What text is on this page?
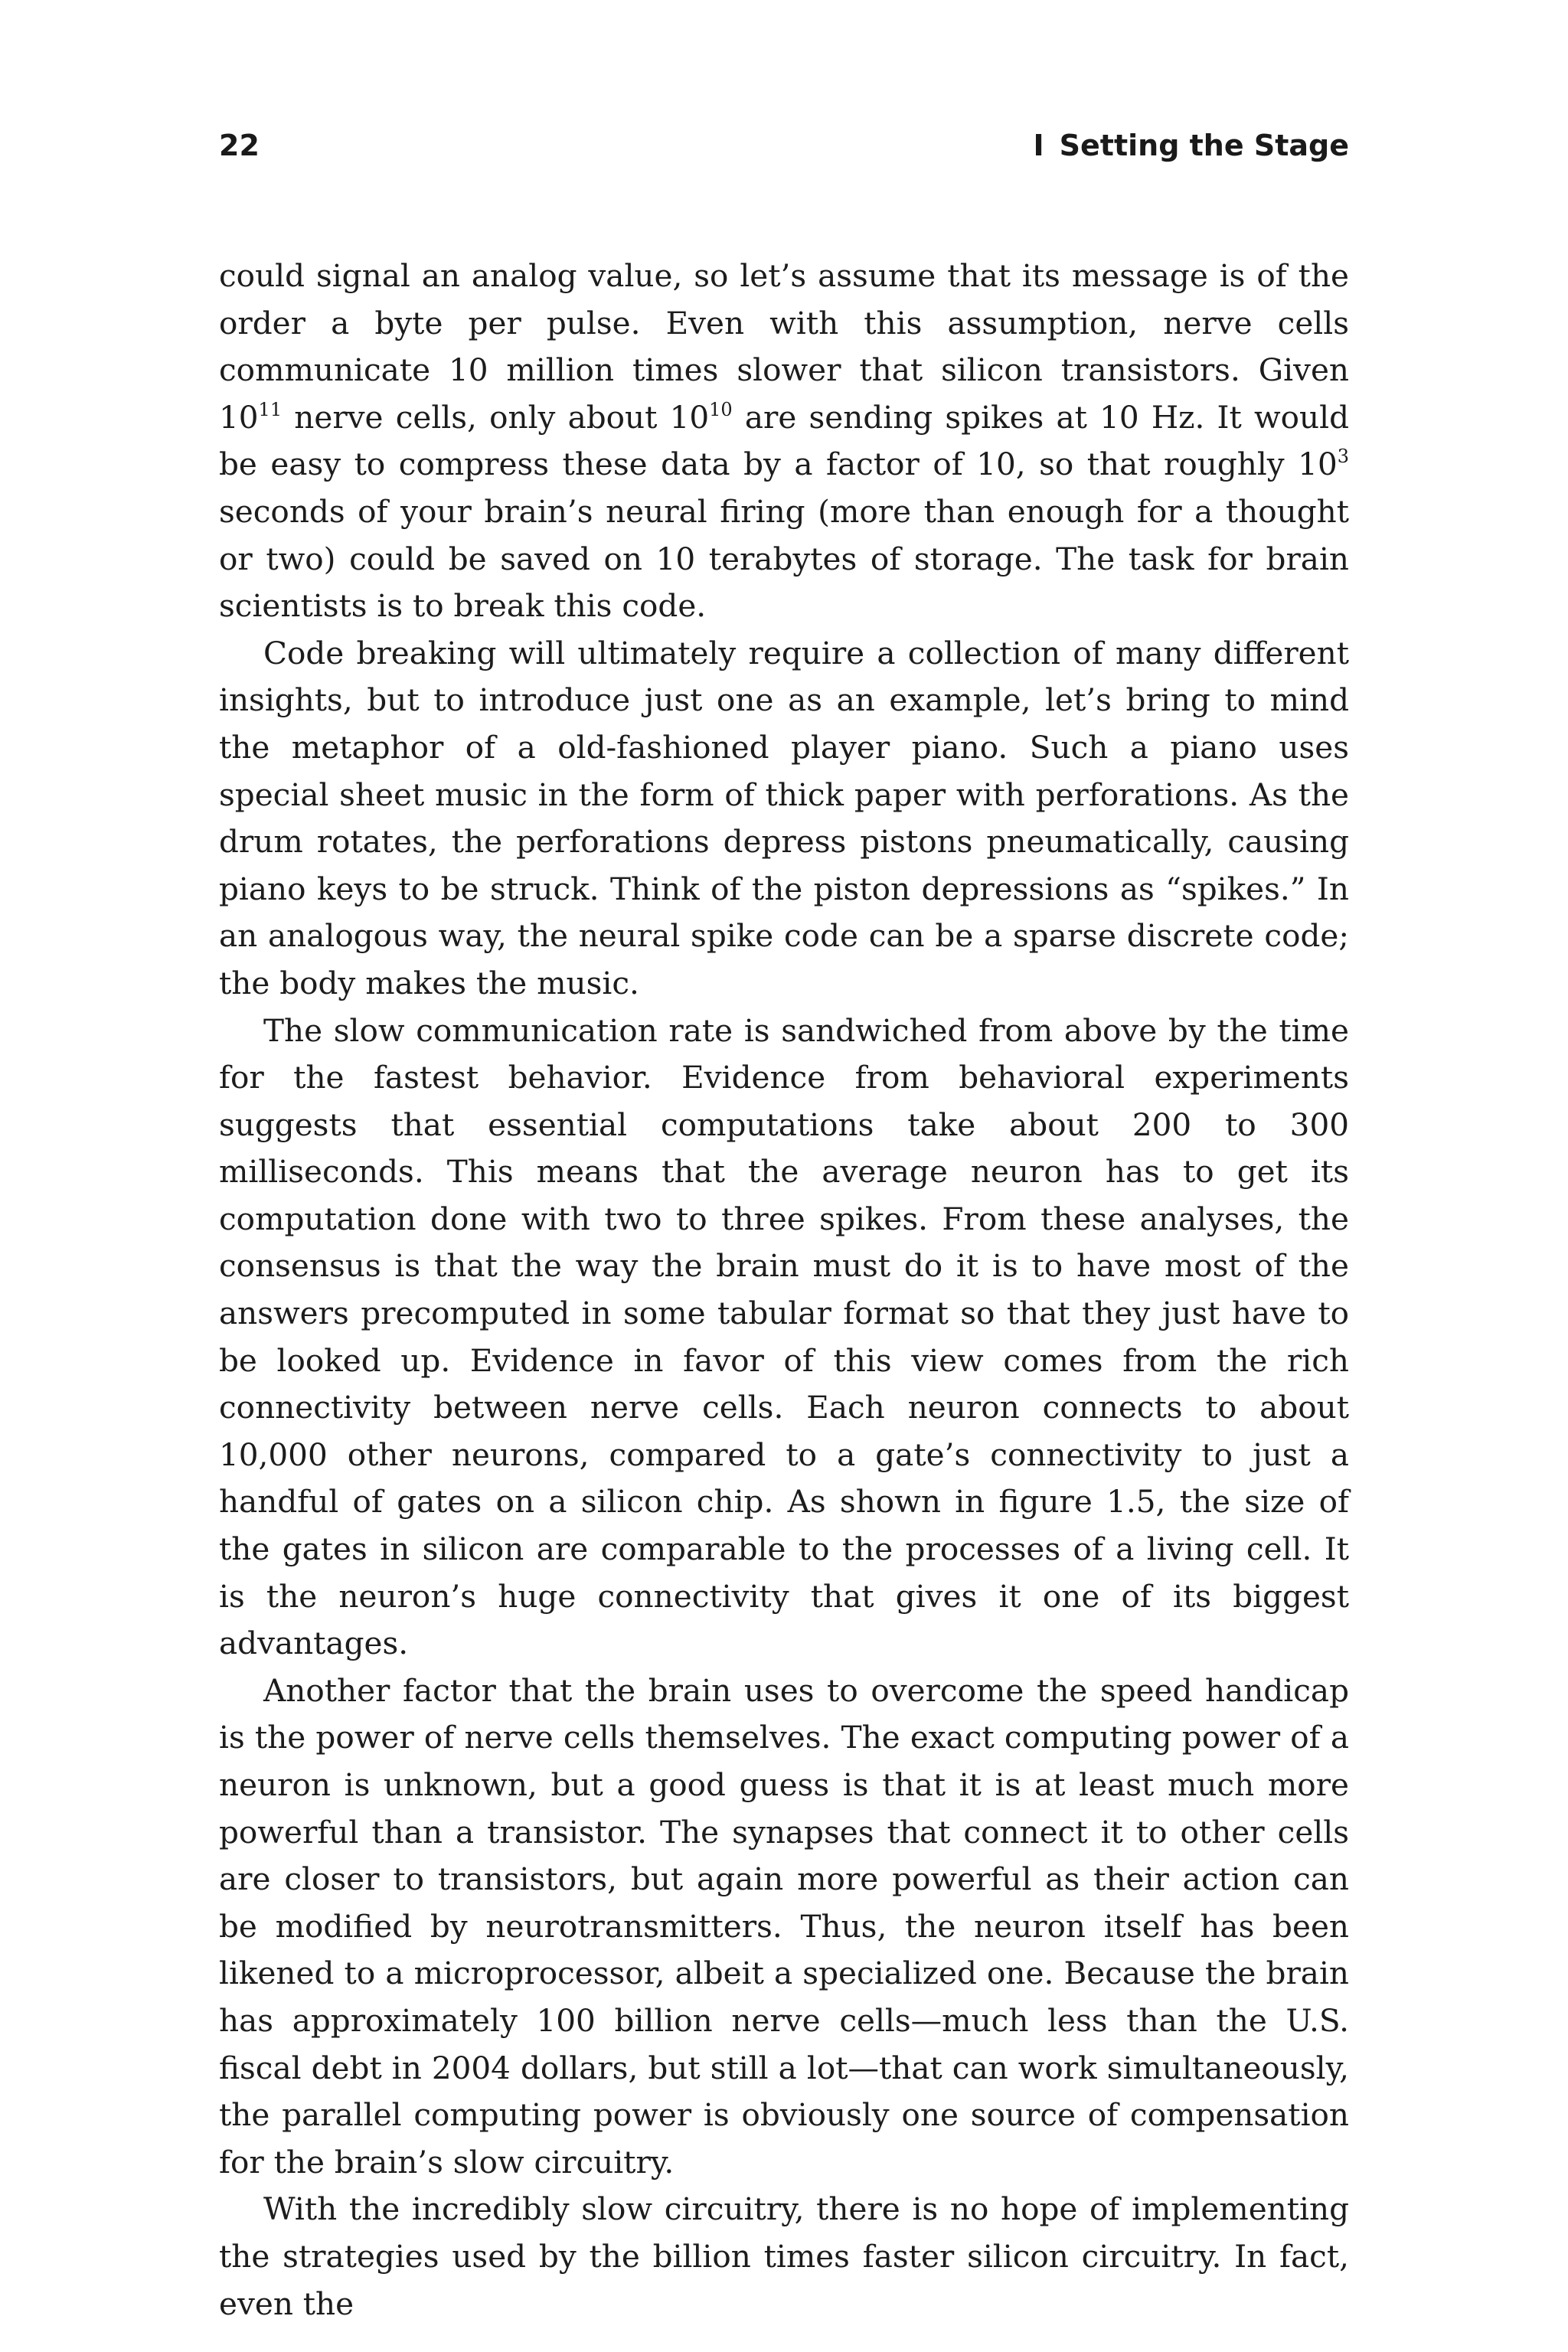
22	I Setting the Stage

could signal an analog value, so let’s assume that its message is of the order a byte per pulse. Even with this assumption, nerve cells communicate 10 million times slower that silicon transistors. Given $10^{11}$ nerve cells, only about $10^{10}$ are sending spikes at 10 Hz. It would be easy to compress these data by a factor of 10, so that roughly $10^3$ seconds of your brain’s neural firing (more than enough for a thought or two) could be saved on 10 terabytes of storage. The task for brain scientists is to break this code.

Code breaking will ultimately require a collection of many different insights, but to introduce just one as an example, let’s bring to mind the metaphor of a old-fashioned player piano. Such a piano uses special sheet music in the form of thick paper with perforations. As the drum rotates, the perforations depress pistons pneumatically, causing piano keys to be struck. Think of the piston depressions as “spikes.” In an analogous way, the neural spike code can be a sparse discrete code; the body makes the music.

The slow communication rate is sandwiched from above by the time for the fastest behavior. Evidence from behavioral experiments suggests that essential computations take about 200 to 300 milliseconds. This means that the average neuron has to get its computation done with two to three spikes. From these analyses, the consensus is that the way the brain must do it is to have most of the answers precomputed in some tabular format so that they just have to be looked up. Evidence in favor of this view comes from the rich connectivity between nerve cells. Each neuron connects to about 10,000 other neurons, compared to a gate’s connectivity to just a handful of gates on a silicon chip. As shown in figure 1.5, the size of the gates in silicon are comparable to the processes of a living cell. It is the neuron’s huge connectivity that gives it one of its biggest advantages.

Another factor that the brain uses to overcome the speed handicap is the power of nerve cells themselves. The exact computing power of a neuron is unknown, but a good guess is that it is at least much more powerful than a transistor. The synapses that connect it to other cells are closer to transistors, but again more powerful as their action can be modified by neurotransmitters. Thus, the neuron itself has been likened to a microprocessor, albeit a specialized one. Because the brain has approximately 100 billion nerve cells—much less than the U.S. fiscal debt in 2004 dollars, but still a lot—that can work simultaneously, the parallel computing power is obviously one source of compensation for the brain’s slow circuitry.

With the incredibly slow circuitry, there is no hope of implementing the strategies used by the billion times faster silicon circuitry. In fact, even the
